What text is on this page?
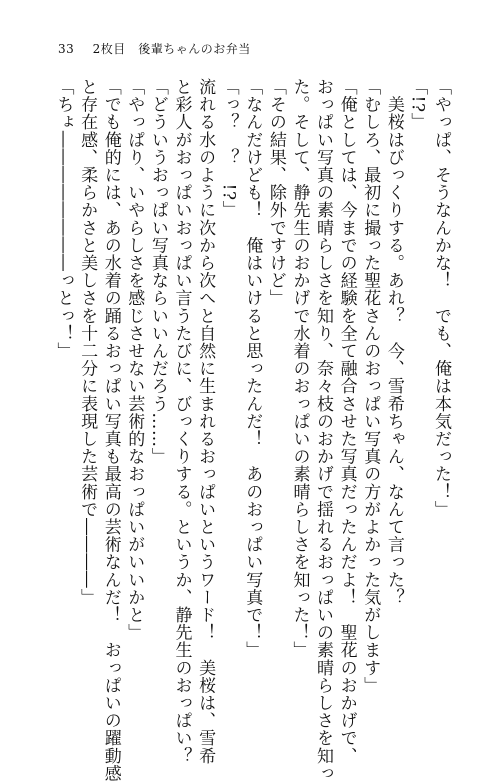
33 2枚目　後輩ちゃんのお弁当
「やっぱ、そうなんかな！　でも、俺は本気だった！」
「!?」
　美桜はびっくりする。あれ？　今、雪希ちゃん、なんて言った？
「むしろ、最初に撮った聖花さんのおっぱい写真の方がよかった気がします」
「俺としては、今までの経験を全て融合させた写真だったんだよ！　聖花のおかげで、
おっぱい写真の素晴らしさを知り、奈々枝のおかげで揺れるおっぱいの素晴らしさを知っ
た。そして、静先生のおかげで水着のおっぱいの素晴らしさを知った！」
「その結果、除外ですけど」
「なんだけども！　俺はいけると思ったんだ！　あのおっぱい写真で！」
「っ？　？　!?」
流れる水のように次から次へと自然に生まれるおっぱいというワード！　美桜は、雪希
と彩人がおっぱいおっぱい言うたびに、びっくりする。というか、静先生のおっぱい？
「どういうおっぱい写真ならいいんだろう……」
「やっぱり、いやらしさを感じさせない芸術的なおっぱいがいいかと」
「でも俺的には、あの水着の踊るおっぱい写真も最高の芸術なんだ！　おっぱいの躍動感
と存在感、柔らかさと美しさを十二分に表現した芸術で――――」
「ちょ――――――――っとっ！」
